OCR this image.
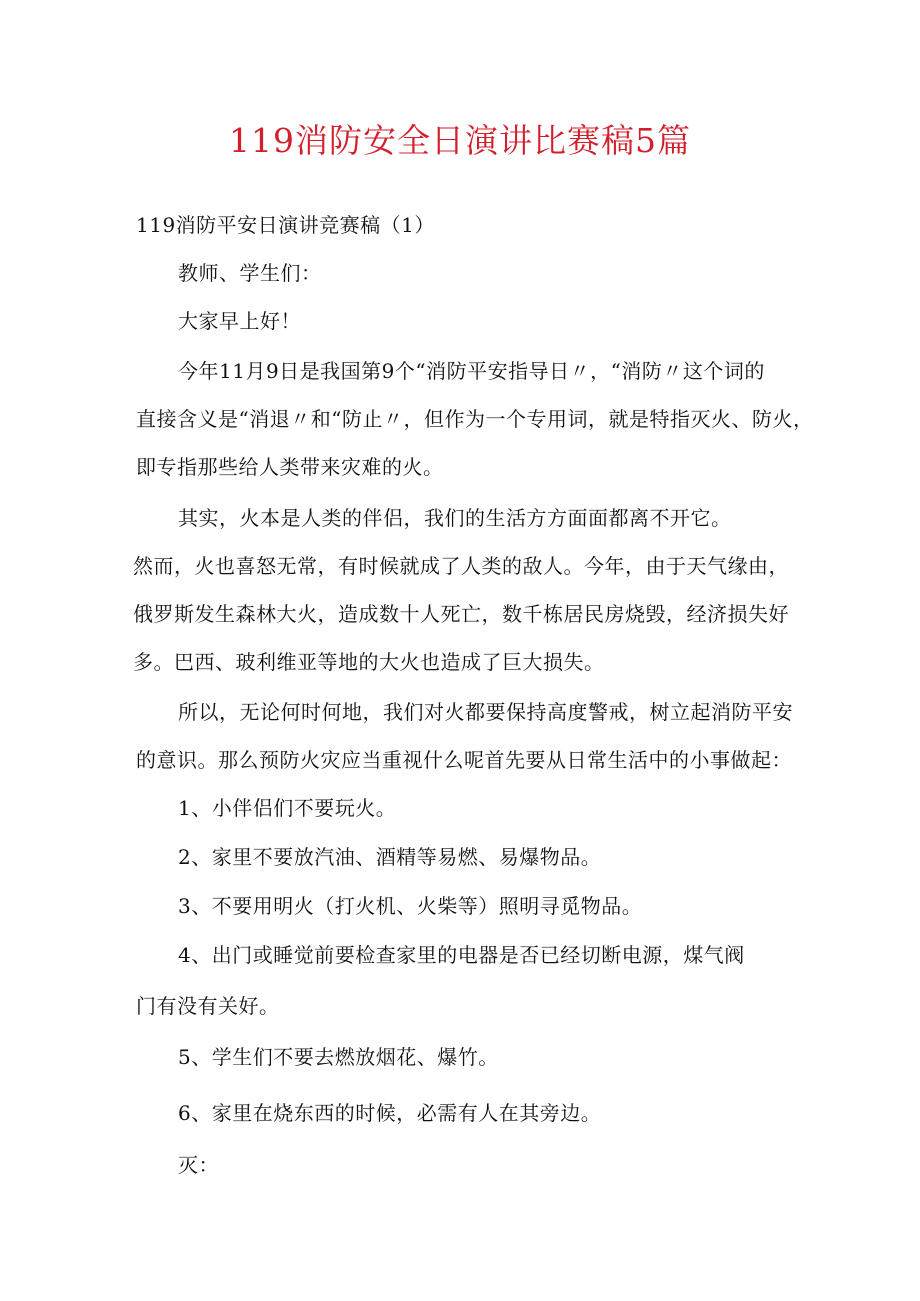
119消防安全日演讲比赛稿5篇
119消防平安日演讲竞赛稿（1）
教师、学生们：
大家早上好！
今年11月9日是我国第9个“消防平安指导日〃，“消防〃这个词的
直接含义是“消退〃和“防止〃，但作为一个专用词，就是特指灭火、防火，
即专指那些给人类带来灾难的火。
其实，火本是人类的伴侣，我们的生活方方面面都离不开它。
然而，火也喜怒无常，有时候就成了人类的敌人。今年，由于天气缘由，
俄罗斯发生森林大火，造成数十人死亡，数千栋居民房烧毁，经济损失好
多。巴西、玻利维亚等地的大火也造成了巨大损失。
所以，无论何时何地，我们对火都要保持高度警戒，树立起消防平安
的意识。那么预防火灾应当重视什么呢首先要从日常生活中的小事做起：
1、小伴侣们不要玩火。
2、家里不要放汽油、酒精等易燃、易爆物品。
3、不要用明火（打火机、火柴等）照明寻觅物品。
4、出门或睡觉前要检查家里的电器是否已经切断电源，煤气阀
门有没有关好。
5、学生们不要去燃放烟花、爆竹。
6、家里在烧东西的时候，必需有人在其旁边。
灭：
